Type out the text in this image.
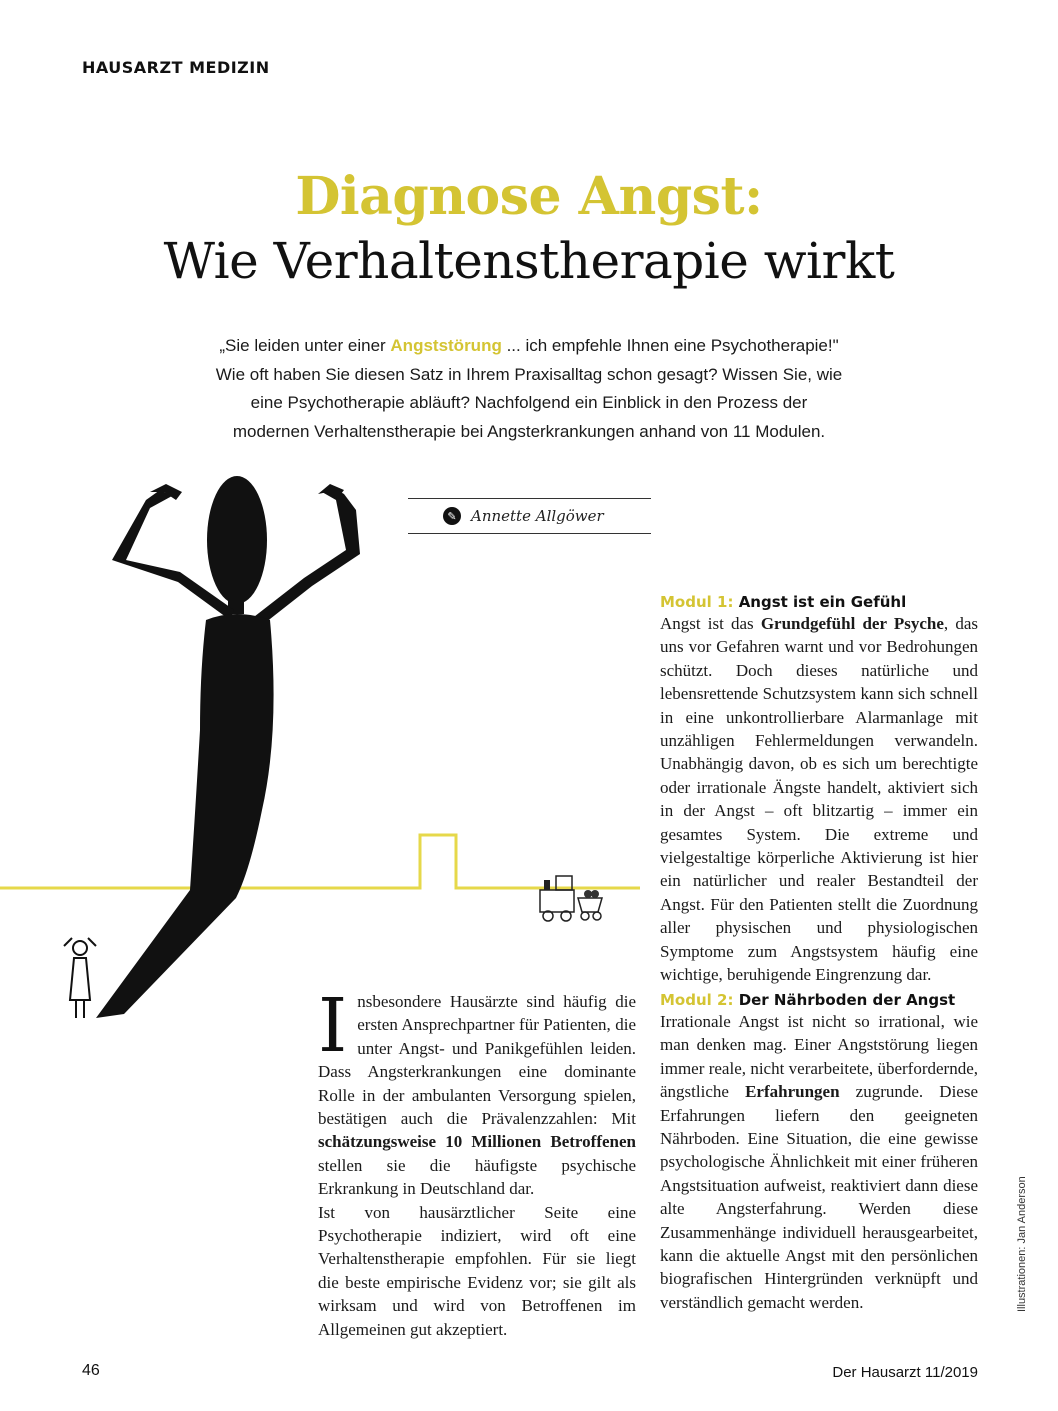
HAUSARZT MEDIZIN
Diagnose Angst:
Wie Verhaltenstherapie wirkt

„Sie leiden unter einer Angststörung ... ich empfehle Ihnen eine Psychotherapie!"

Wie oft haben Sie diesen Satz in Ihrem Praxisalltag schon gesagt? Wissen Sie, wie

eine Psychotherapie abläuft? Nachfolgend ein Einblick in den Prozess der

modernen Verhaltenstherapie bei Angsterkrankungen anhand von 11 Modulen.

✎ Annette Allgöwer

Insbesondere Hausärzte sind häufig die ersten Ansprechpartner für Patienten, die unter Angst- und Panikgefühlen leiden. Dass Angsterkrankungen eine dominante Rolle in der ambulanten Versorgung spielen, bestätigen auch die Prävalenzzahlen: Mit schätzungsweise 10 Millionen Betroffenen stellen sie die häufigste psychische Erkrankung in Deutschland dar.

Ist von hausärztlicher Seite eine Psychotherapie indiziert, wird oft eine Verhaltenstherapie empfohlen. Für sie liegt die beste empirische Evidenz vor; sie gilt als wirksam und wird von Betroffenen im Allgemeinen gut akzeptiert.

Modul 1: Angst ist ein Gefühl

Angst ist das Grundgefühl der Psyche, das uns vor Gefahren warnt und vor Bedrohungen schützt. Doch dieses natürliche und lebensrettende Schutzsystem kann sich schnell in eine unkontrollierbare Alarmanlage mit unzähligen Fehlermeldungen verwandeln. Unabhängig davon, ob es sich um berechtigte oder irrationale Ängste handelt, aktiviert sich in der Angst – oft blitzartig – immer ein gesamtes System. Die extreme und vielgestaltige körperliche Aktivierung ist hier ein natürlicher und realer Bestandteil der Angst. Für den Patienten stellt die Zuordnung aller physischen und physiologischen Symptome zum Angstsystem häufig eine wichtige, beruhigende Eingrenzung dar.

Modul 2: Der Nährboden der Angst

Irrationale Angst ist nicht so irrational, wie man denken mag. Einer Angststörung liegen immer reale, nicht verarbeitete, überfordernde, ängstliche Erfahrungen zugrunde. Diese Erfahrungen liefern den geeigneten Nährboden. Eine Situation, die eine gewisse psychologische Ähnlichkeit mit einer früheren Angstsituation aufweist, reaktiviert dann diese alte Angsterfahrung. Werden diese Zusammenhänge individuell herausgearbeitet, kann die aktuelle Angst mit den persönlichen biografischen Hintergründen verknüpft und verständlich gemacht werden.	Illustrationen: Jan Anderson
46	Der Hausarzt 11/2019
